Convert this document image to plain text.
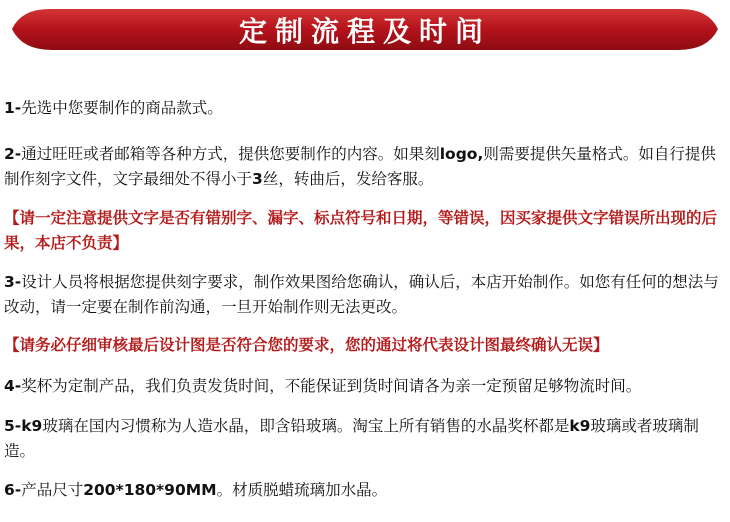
定制流程及时间

1-先选中您要制作的商品款式。

2-通过旺旺或者邮箱等各种方式，提供您要制作的内容。如果刻logo,则需要提供矢量格式。如自行提供制作刻字文件，文字最细处不得小于3丝，转曲后，发给客服。

【请一定注意提供文字是否有错别字、漏字、标点符号和日期，等错误，因买家提供文字错误所出现的后果，本店不负责】

3-设计人员将根据您提供刻字要求，制作效果图给您确认，确认后，本店开始制作。如您有任何的想法与改动，请一定要在制作前沟通，一旦开始制作则无法更改。

【请务必仔细审核最后设计图是否符合您的要求，您的通过将代表设计图最终确认无误】

4-奖杯为定制产品，我们负责发货时间，不能保证到货时间请各为亲一定预留足够物流时间。

5-k9玻璃在国内习惯称为人造水晶，即含铅玻璃。淘宝上所有销售的水晶奖杯都是k9玻璃或者玻璃制造。

6-产品尺寸200*180*90MM。材质脱蜡琉璃加水晶。
